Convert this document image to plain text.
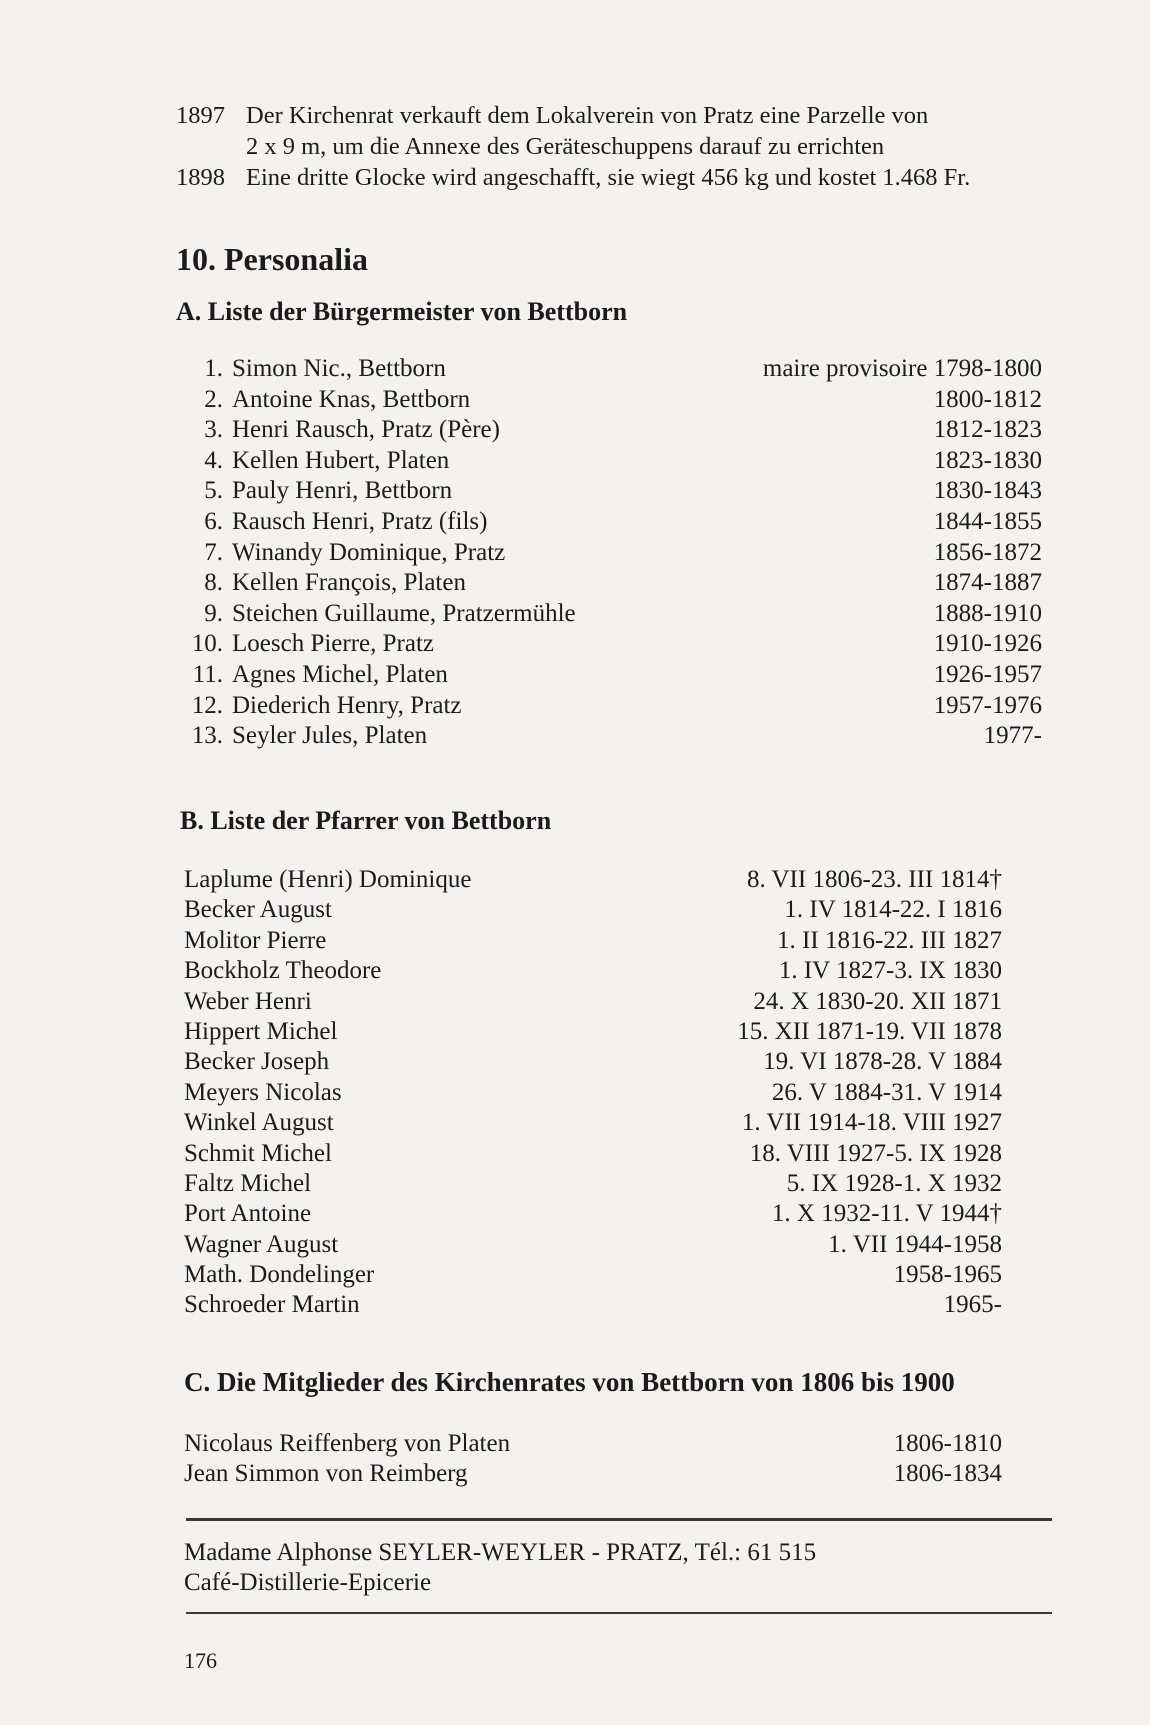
1897 Der Kirchenrat verkauft dem Lokalverein von Pratz eine Parzelle von
2 x 9 m, um die Annexe des Geräteschuppens darauf zu errichten
1898 Eine dritte Glocke wird angeschafft, sie wiegt 456 kg und kostet 1.468 Fr.
10. Personalia
A. Liste der Bürgermeister von Bettborn
1. Simon Nic., Bettborn	maire provisoire 1798-1800
2. Antoine Knas, Bettborn	1800-1812
3. Henri Rausch, Pratz (Père)	1812-1823
4. Kellen Hubert, Platen	1823-1830
5. Pauly Henri, Bettborn	1830-1843
6. Rausch Henri, Pratz (fils)	1844-1855
7. Winandy Dominique, Pratz	1856-1872
8. Kellen François, Platen	1874-1887
9. Steichen Guillaume, Pratzermühle	1888-1910
10. Loesch Pierre, Pratz	1910-1926
11. Agnes Michel, Platen	1926-1957
12. Diederich Henry, Pratz	1957-1976
13. Seyler Jules, Platen	1977-
B. Liste der Pfarrer von Bettborn
Laplume (Henri) Dominique	8. VII 1806-23. III 1814†
Becker August	1. IV 1814-22. I 1816
Molitor Pierre	1. II 1816-22. III 1827
Bockholz Theodore	1. IV 1827-3. IX 1830
Weber Henri	24. X 1830-20. XII 1871
Hippert Michel	15. XII 1871-19. VII 1878
Becker Joseph	19. VI 1878-28. V 1884
Meyers Nicolas	26. V 1884-31. V 1914
Winkel August	1. VII 1914-18. VIII 1927
Schmit Michel	18. VIII 1927-5. IX 1928
Faltz Michel	5. IX 1928-1. X 1932
Port Antoine	1. X 1932-11. V 1944†
Wagner August	1. VII 1944-1958
Math. Dondelinger	1958-1965
Schroeder Martin	1965-
C. Die Mitglieder des Kirchenrates von Bettborn von 1806 bis 1900
Nicolaus Reiffenberg von Platen	1806-1810
Jean Simmon von Reimberg	1806-1834
Madame Alphonse SEYLER-WEYLER - PRATZ, Tél.: 61 515
Café-Distillerie-Epicerie
176
